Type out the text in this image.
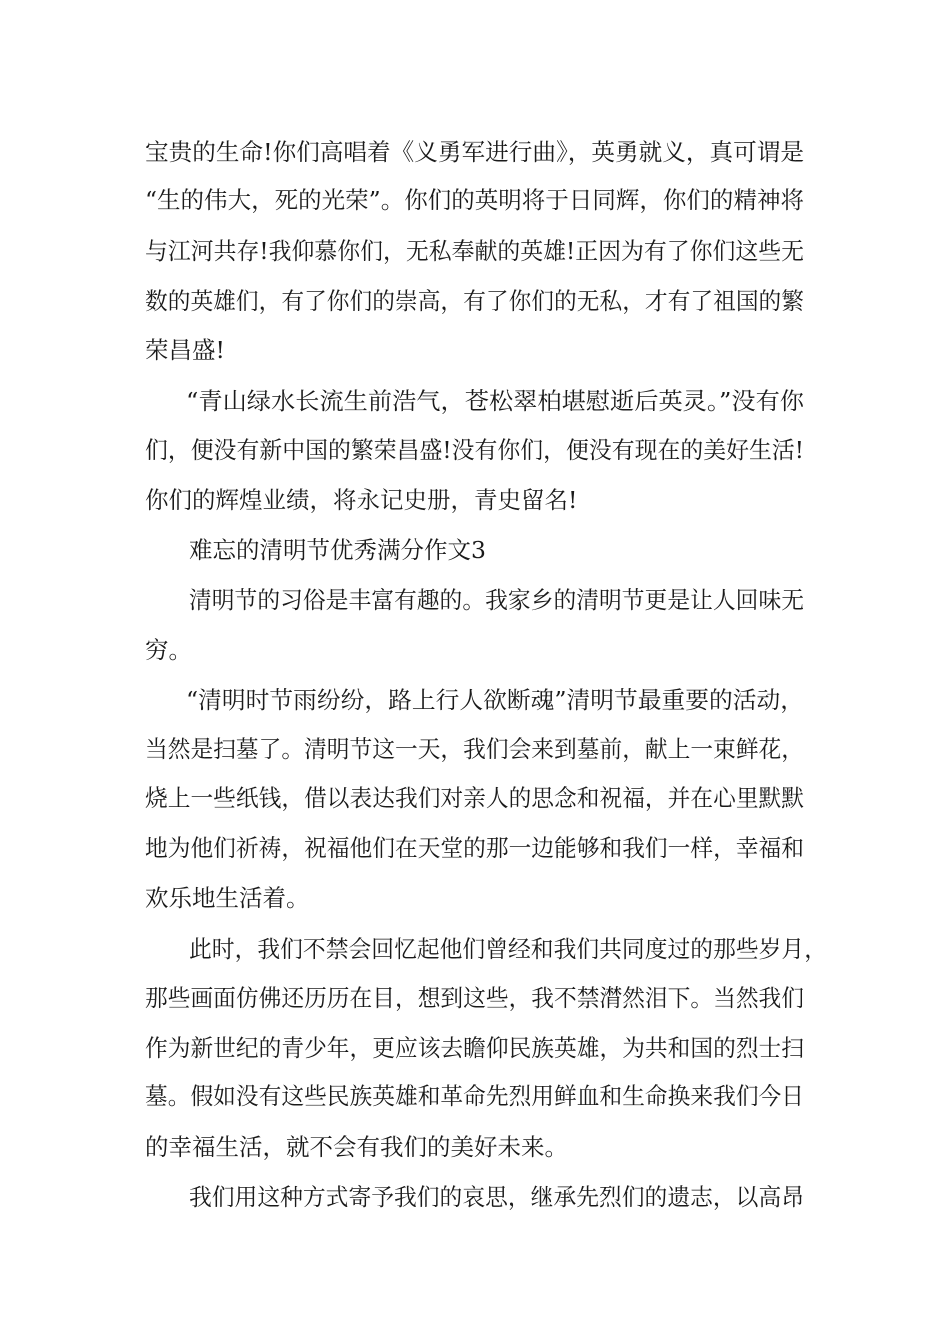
宝贵的生命!你们高唱着《义勇军进行曲》，英勇就义，真可谓是
“生的伟大，死的光荣”。你们的英明将于日同辉，你们的精神将
与江河共存!我仰慕你们，无私奉献的英雄!正因为有了你们这些无
数的英雄们，有了你们的崇高，有了你们的无私，才有了祖国的繁
荣昌盛!
“青山绿水长流生前浩气，苍松翠柏堪慰逝后英灵。”没有你
们，便没有新中国的繁荣昌盛!没有你们，便没有现在的美好生活!
你们的辉煌业绩，将永记史册，青史留名!
难忘的清明节优秀满分作文3
清明节的习俗是丰富有趣的。我家乡的清明节更是让人回味无
穷。
“清明时节雨纷纷，路上行人欲断魂”清明节最重要的活动，
当然是扫墓了。清明节这一天，我们会来到墓前，献上一束鲜花，
烧上一些纸钱，借以表达我们对亲人的思念和祝福，并在心里默默
地为他们祈祷，祝福他们在天堂的那一边能够和我们一样，幸福和
欢乐地生活着。
此时，我们不禁会回忆起他们曾经和我们共同度过的那些岁月，
那些画面仿佛还历历在目，想到这些，我不禁潸然泪下。当然我们
作为新世纪的青少年，更应该去瞻仰民族英雄，为共和国的烈士扫
墓。假如没有这些民族英雄和革命先烈用鲜血和生命换来我们今日
的幸福生活，就不会有我们的美好未来。
我们用这种方式寄予我们的哀思，继承先烈们的遗志，以高昂
